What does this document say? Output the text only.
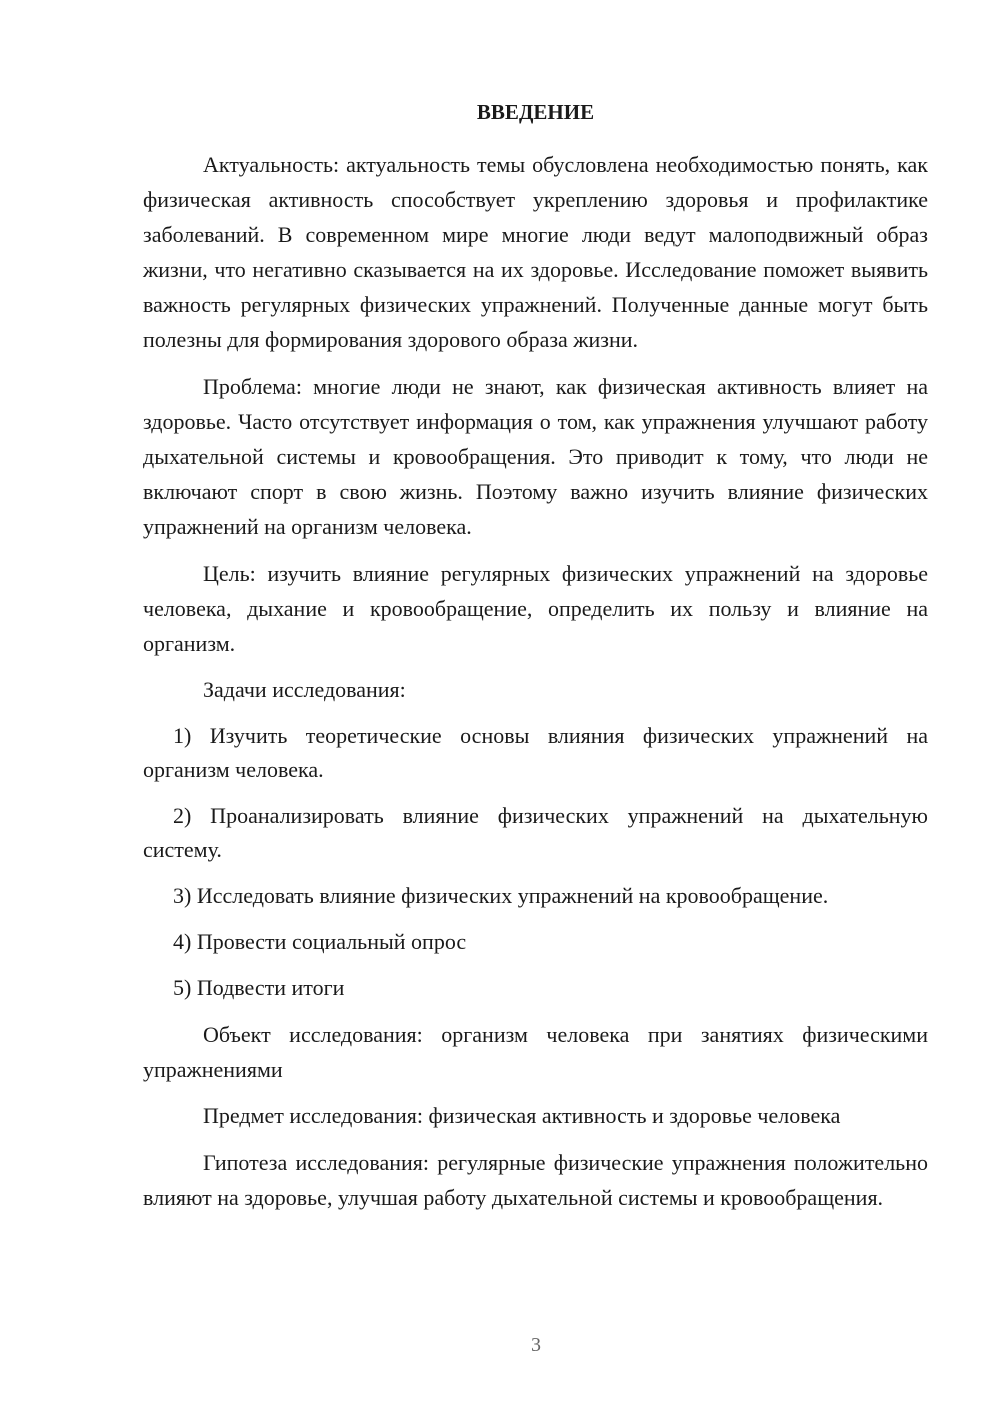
ВВЕДЕНИЕ

Актуальность: актуальность темы обусловлена необходимостью понять, как физическая активность способствует укреплению здоровья и профилактике заболеваний. В современном мире многие люди ведут малоподвижный образ жизни, что негативно сказывается на их здоровье. Исследование поможет выявить важность регулярных физических упражнений. Полученные данные могут быть полезны для формирования здорового образа жизни.

Проблема: многие люди не знают, как физическая активность влияет на здоровье. Часто отсутствует информация о том, как упражнения улучшают работу дыхательной системы и кровообращения. Это приводит к тому, что люди не включают спорт в свою жизнь. Поэтому важно изучить влияние физических упражнений на организм человека.

Цель: изучить влияние регулярных физических упражнений на здоровье человека, дыхание и кровообращение, определить их пользу и влияние на организм.

Задачи исследования:

1) Изучить теоретические основы влияния физических упражнений на организм человека.

2) Проанализировать влияние физических упражнений на дыхательную систему.

3) Исследовать влияние физических упражнений на кровообращение.

4) Провести социальный опрос

5) Подвести итоги

Объект исследования: организм человека при занятиях физическими упражнениями

Предмет исследования: физическая активность и здоровье человека

Гипотеза исследования: регулярные физические упражнения положительно влияют на здоровье, улучшая работу дыхательной системы и кровообращения.

3
